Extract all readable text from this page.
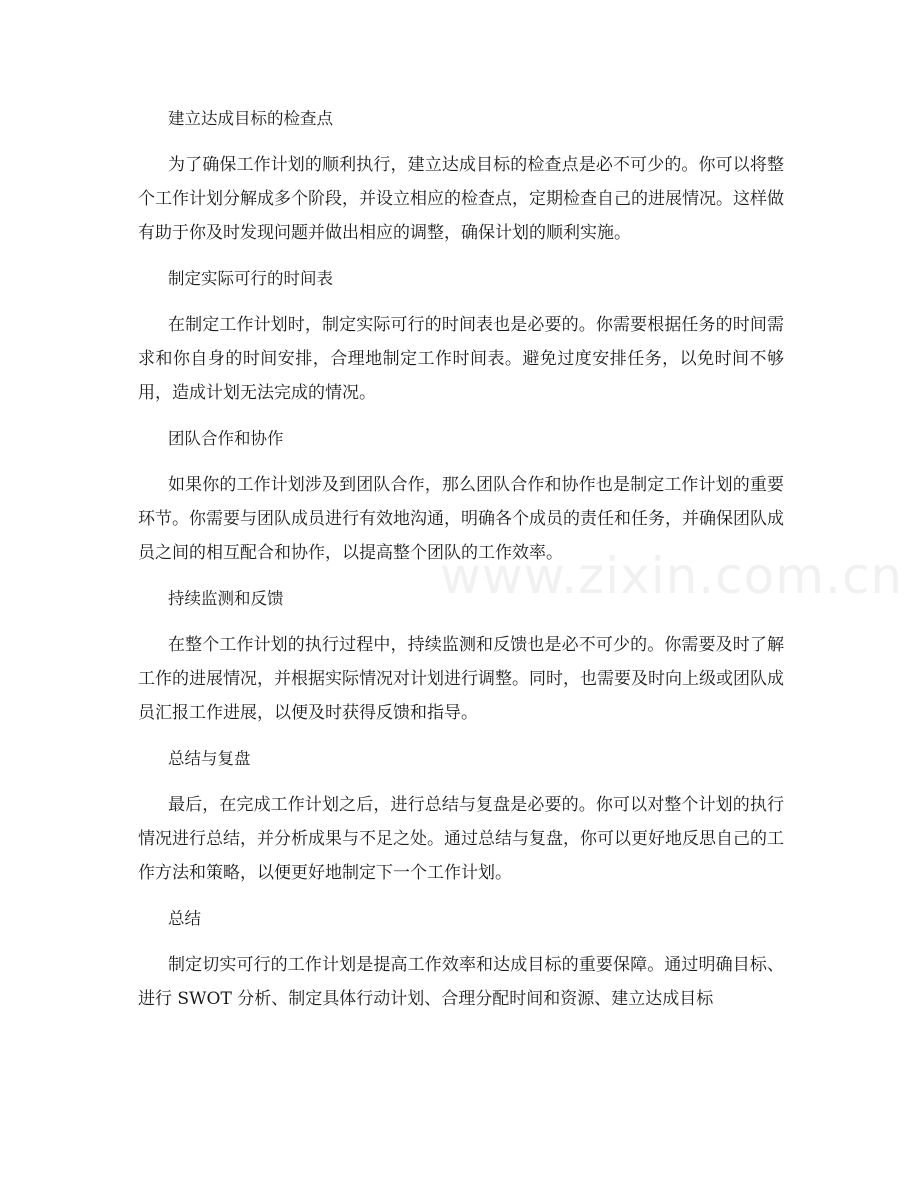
建立达成目标的检查点

为了确保工作计划的顺利执行，建立达成目标的检查点是必不可少的。你可以将整个工作计划分解成多个阶段，并设立相应的检查点，定期检查自己的进展情况。这样做有助于你及时发现问题并做出相应的调整，确保计划的顺利实施。

制定实际可行的时间表

在制定工作计划时，制定实际可行的时间表也是必要的。你需要根据任务的时间需求和你自身的时间安排，合理地制定工作时间表。避免过度安排任务，以免时间不够用，造成计划无法完成的情况。

团队合作和协作

如果你的工作计划涉及到团队合作，那么团队合作和协作也是制定工作计划的重要环节。你需要与团队成员进行有效地沟通，明确各个成员的责任和任务，并确保团队成员之间的相互配合和协作，以提高整个团队的工作效率。

持续监测和反馈

在整个工作计划的执行过程中，持续监测和反馈也是必不可少的。你需要及时了解工作的进展情况，并根据实际情况对计划进行调整。同时，也需要及时向上级或团队成员汇报工作进展，以便及时获得反馈和指导。

总结与复盘

最后，在完成工作计划之后，进行总结与复盘是必要的。你可以对整个计划的执行情况进行总结，并分析成果与不足之处。通过总结与复盘，你可以更好地反思自己的工作方法和策略，以便更好地制定下一个工作计划。

总结

制定切实可行的工作计划是提高工作效率和达成目标的重要保障。通过明确目标、进行 SWOT 分析、制定具体行动计划、合理分配时间和资源、建立达成目标

www.zixin.com.cn
